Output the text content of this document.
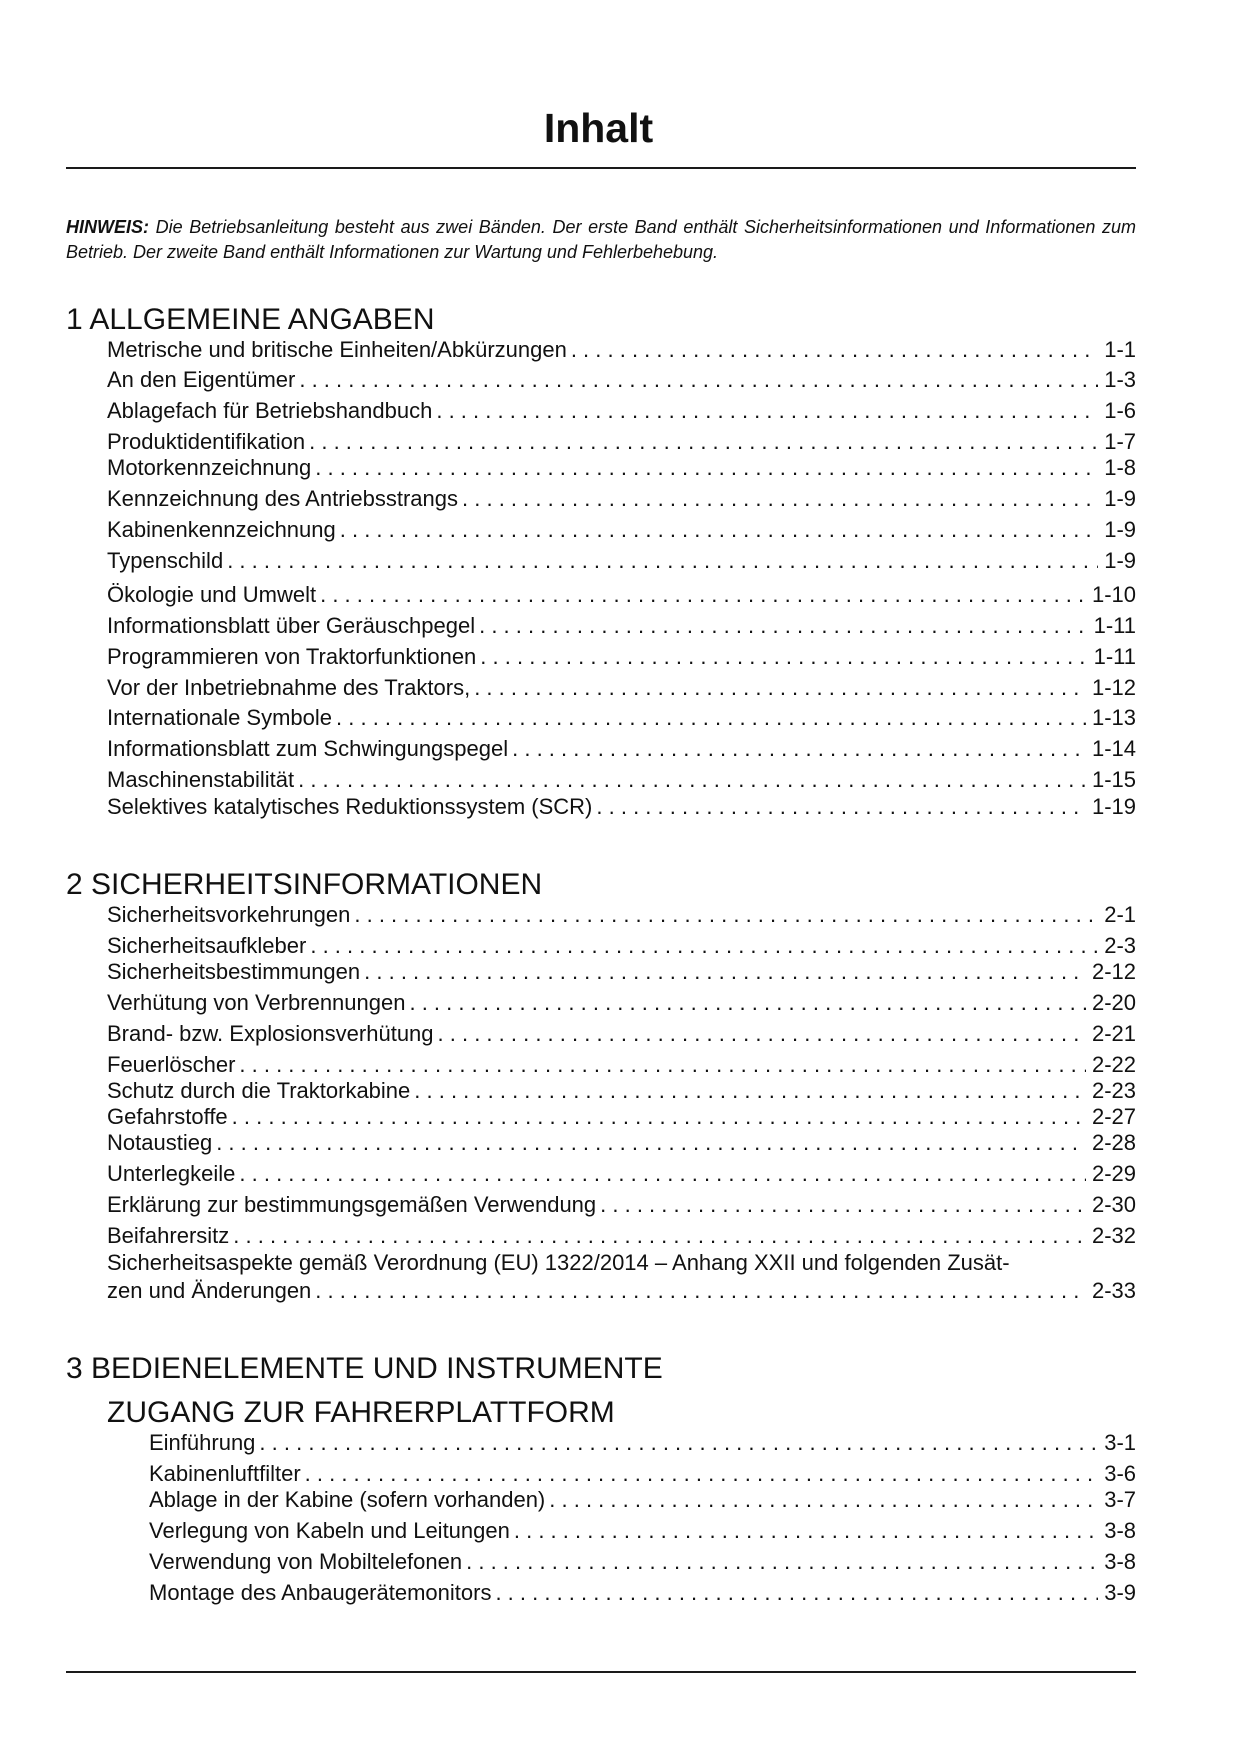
Inhalt
HINWEIS: Die Betriebsanleitung besteht aus zwei Bänden. Der erste Band enthält Sicherheitsinformationen und Informationen zum Betrieb. Der zweite Band enthält Informationen zur Wartung und Fehlerbehebung.
1 ALLGEMEINE ANGABEN
Metrische und britische Einheiten/Abkürzungen . . .	1-1
An den Eigentümer . . .	1-3
Ablagefach für Betriebshandbuch . . .	1-6
Produktidentifikation . . .	1-7
Motorkennzeichnung . . .	1-8
Kennzeichnung des Antriebsstrangs . . .	1-9
Kabinenkennzeichnung . . .	1-9
Typenschild . . .	1-9
Ökologie und Umwelt . . .	1-10
Informationsblatt über Geräuschpegel . . .	1-11
Programmieren von Traktorfunktionen . . .	1-11
Vor der Inbetriebnahme des Traktors, . . .	1-12
Internationale Symbole . . .	1-13
Informationsblatt zum Schwingungspegel . . .	1-14
Maschinenstabilität . . .	1-15
Selektives katalytisches Reduktionssystem (SCR) . . .	1-19
2 SICHERHEITSINFORMATIONEN
Sicherheitsvorkehrungen . . .	2-1
Sicherheitsaufkleber . . .	2-3
Sicherheitsbestimmungen . . .	2-12
Verhütung von Verbrennungen . . .	2-20
Brand- bzw. Explosionsverhütung . . .	2-21
Feuerlöscher . . .	2-22
Schutz durch die Traktorkabine . . .	2-23
Gefahrstoffe . . .	2-27
Notaustieg . . .	2-28
Unterlegkeile . . .	2-29
Erklärung zur bestimmungsgemäßen Verwendung . . .	2-30
Beifahrersitz . . .	2-32
Sicherheitsaspekte gemäß Verordnung (EU) 1322/2014 – Anhang XXII und folgenden Zusät-
zen und Änderungen . . .	2-33
3 BEDIENELEMENTE UND INSTRUMENTE
ZUGANG ZUR FAHRERPLATTFORM
Einführung . . .	3-1
Kabinenluftfilter . . .	3-6
Ablage in der Kabine (sofern vorhanden) . . .	3-7
Verlegung von Kabeln und Leitungen . . .	3-8
Verwendung von Mobiltelefonen . . .	3-8
Montage des Anbaugerätemonitors . . .	3-9
